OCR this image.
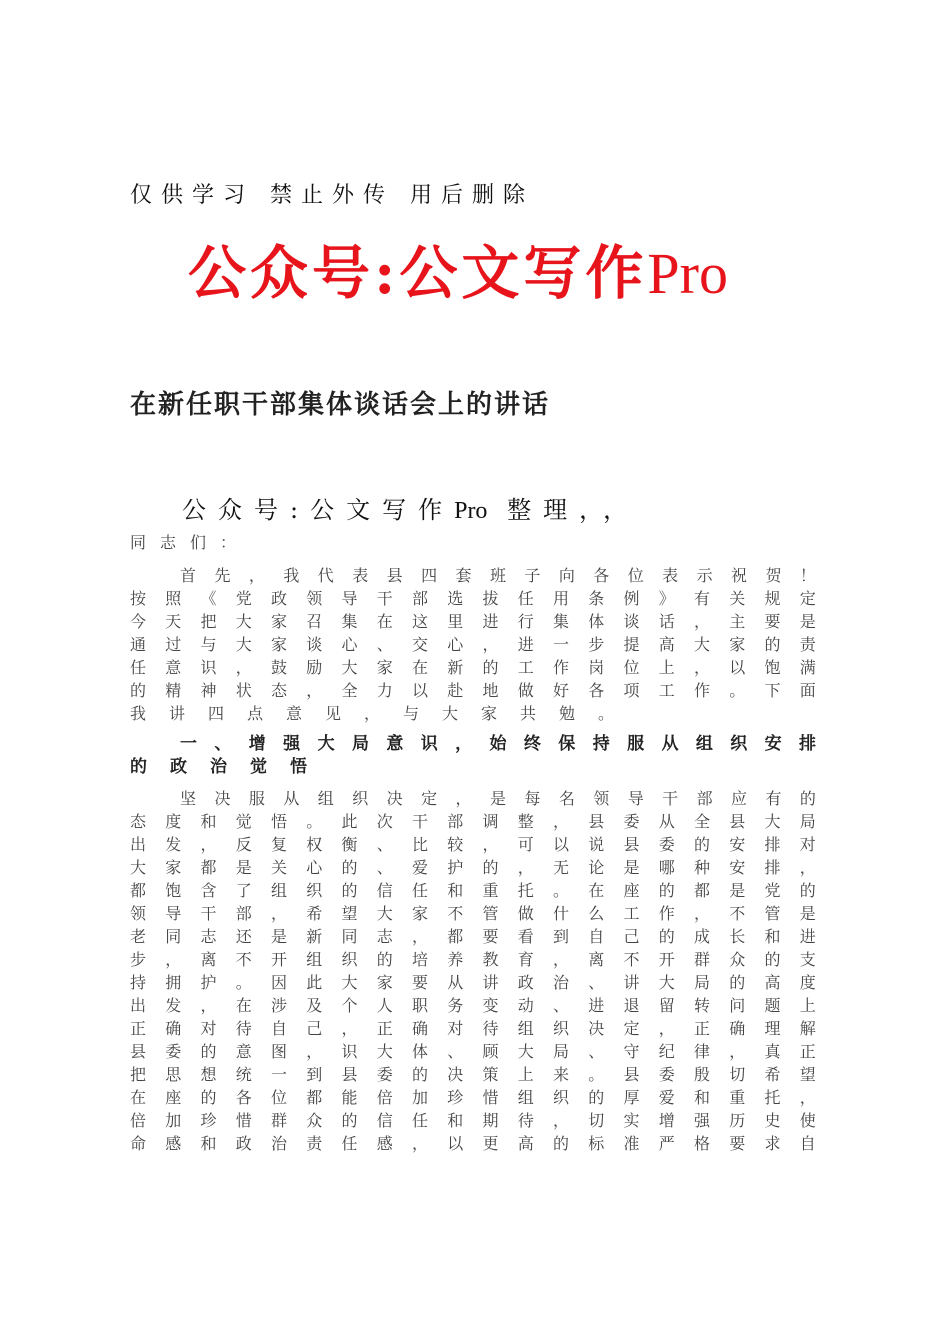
仅供学习 禁止外传 用后删除
公众号:公文写作Pro
在新任职干部集体谈话会上的讲话
公众号:公文写作Pro 整理，，
同志们：
首先，我代表县四套班子向各位表示祝贺！
按照《党政领导干部选拔任用条例》有关规定
今天把大家召集在这里进行集体谈话，主要是
通过与大家谈心、交心，进一步提高大家的责
任意识，鼓励大家在新的工作岗位上，以饱满
的精神状态，全力以赴地做好各项工作。下面
我讲四点意见，与大家共勉。
一、增强大局意识，始终保持服从组织安排
的政治觉悟
坚决服从组织决定，是每名领导干部应有的
态度和觉悟。此次干部调整，县委从全县大局
出发，反复权衡、比较，可以说县委的安排对
大家都是关心的、爱护的，无论是哪种安排，
都饱含了组织的信任和重托。在座的都是党的
领导干部，希望大家不管做什么工作，不管是
老同志还是新同志，都要看到自己的成长和进
步，离不开组织的培养教育，离不开群众的支
持拥护。因此大家要从讲政治、讲大局的高度
出发，在涉及个人职务变动、进退留转问题上
正确对待自己，正确对待组织决定，正确理解
县委的意图，识大体、顾大局、守纪律，真正
把思想统一到县委的决策上来。县委殷切希望
在座的各位都能倍加珍惜组织的厚爱和重托，
倍加珍惜群众的信任和期待，切实增强历史使
命感和政治责任感，以更高的标准严格要求自
